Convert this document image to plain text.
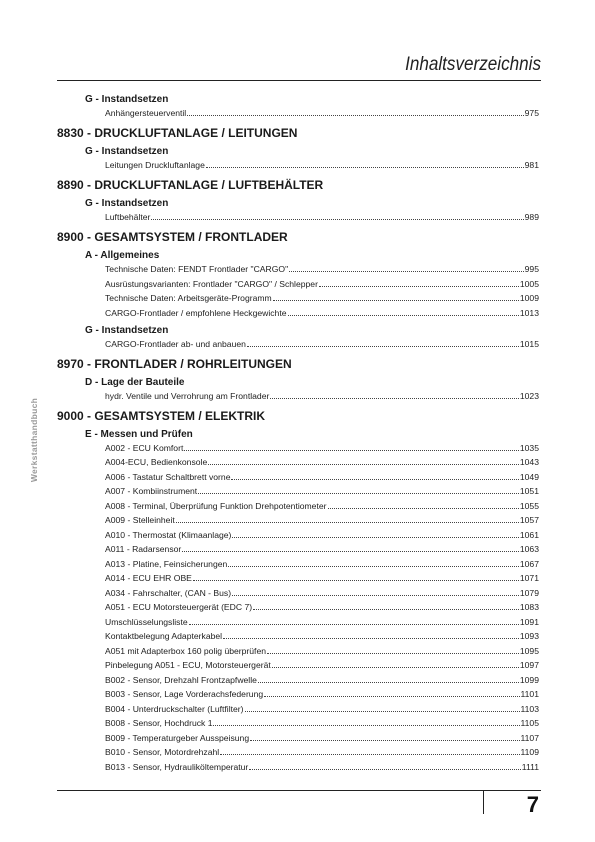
Inhaltsverzeichnis
Werkstatthandbuch
G - Instandsetzen
Anhängersteuerventil	975
8830 - DRUCKLUFTANLAGE / LEITUNGEN
G - Instandsetzen
Leitungen Druckluftanlage	981
8890 - DRUCKLUFTANLAGE / LUFTBEHÄLTER
G - Instandsetzen
Luftbehälter	989
8900 - GESAMTSYSTEM / FRONTLADER
A - Allgemeines
Technische Daten: FENDT Frontlader "CARGO"	995
Ausrüstungsvarianten: Frontlader "CARGO" / Schlepper	1005
Technische Daten: Arbeitsgeräte-Programm	1009
CARGO-Frontlader / empfohlene Heckgewichte	1013
G - Instandsetzen
CARGO-Frontlader ab- und anbauen	1015
8970 - FRONTLADER / ROHRLEITUNGEN
D - Lage der Bauteile
hydr. Ventile und Verrohrung am Frontlader	1023
9000 - GESAMTSYSTEM / ELEKTRIK
E - Messen und Prüfen
A002 - ECU Komfort	1035
A004-ECU, Bedienkonsole	1043
A006 - Tastatur Schaltbrett vorne	1049
A007 - Kombiinstrument	1051
A008 - Terminal, Überprüfung Funktion Drehpotentiometer	1055
A009 - Stelleinheit	1057
A010 - Thermostat (Klimaanlage)	1061
A011 - Radarsensor	1063
A013 - Platine, Feinsicherungen	1067
A014 - ECU EHR OBE	1071
A034 - Fahrschalter, (CAN - Bus)	1079
A051 - ECU Motorsteuergerät (EDC 7)	1083
Umschlüsselungsliste	1091
Kontaktbelegung Adapterkabel	1093
A051 mit Adapterbox 160 polig überprüfen	1095
Pinbelegung A051 - ECU, Motorsteuergerät	1097
B002 - Sensor, Drehzahl Frontzapfwelle	1099
B003 - Sensor, Lage Vorderachsfederung	1101
B004 - Unterdruckschalter (Luftfilter)	1103
B008 - Sensor, Hochdruck 1	1105
B009 - Temperaturgeber Ausspeisung	1107
B010 - Sensor, Motordrehzahl	1109
B013 - Sensor, Hydrauliköltemperatur	1111
7
